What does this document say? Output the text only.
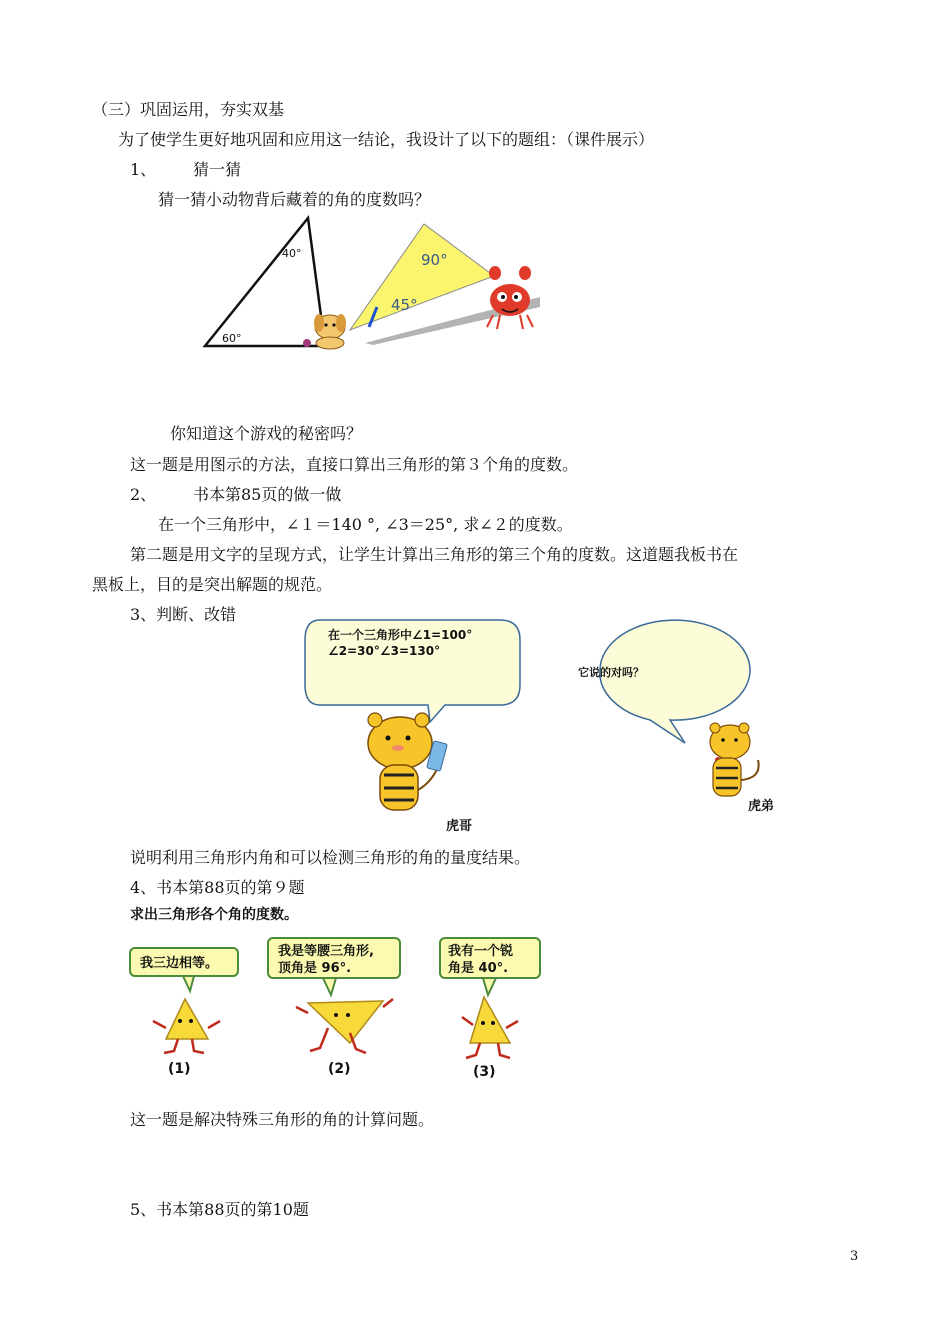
（三）巩固运用，夯实双基
为了使学生更好地巩固和应用这一结论，我设计了以下的题组：（课件展示）
1、 猜一猜
猜一猜小动物背后藏着的角的度数吗？
40°
60°
90°
45°
你知道这个游戏的秘密吗？
这一题是用图示的方法，直接口算出三角形的第３个角的度数。
2、 书本第85页的做一做
在一个三角形中，∠１＝140 °, ∠3＝25°, 求∠２的度数。
第二题是用文字的呈现方式，让学生计算出三角形的第三个角的度数。这道题我板书在
黑板上，目的是突出解题的规范。
3、判断、改错
在一个三角形中∠1=100°
∠2=30°∠3=130°
它说的对吗？
虎哥
虎弟
说明利用三角形内角和可以检测三角形的角的量度结果。
4、书本第88页的第９题
求出三角形各个角的度数。
我三边相等。
(1)
我是等腰三角形,
顶角是 96°.
(2)
我有一个锐
角是 40°.
(3)
这一题是解决特殊三角形的角的计算问题。
5、书本第88页的第10题
3
